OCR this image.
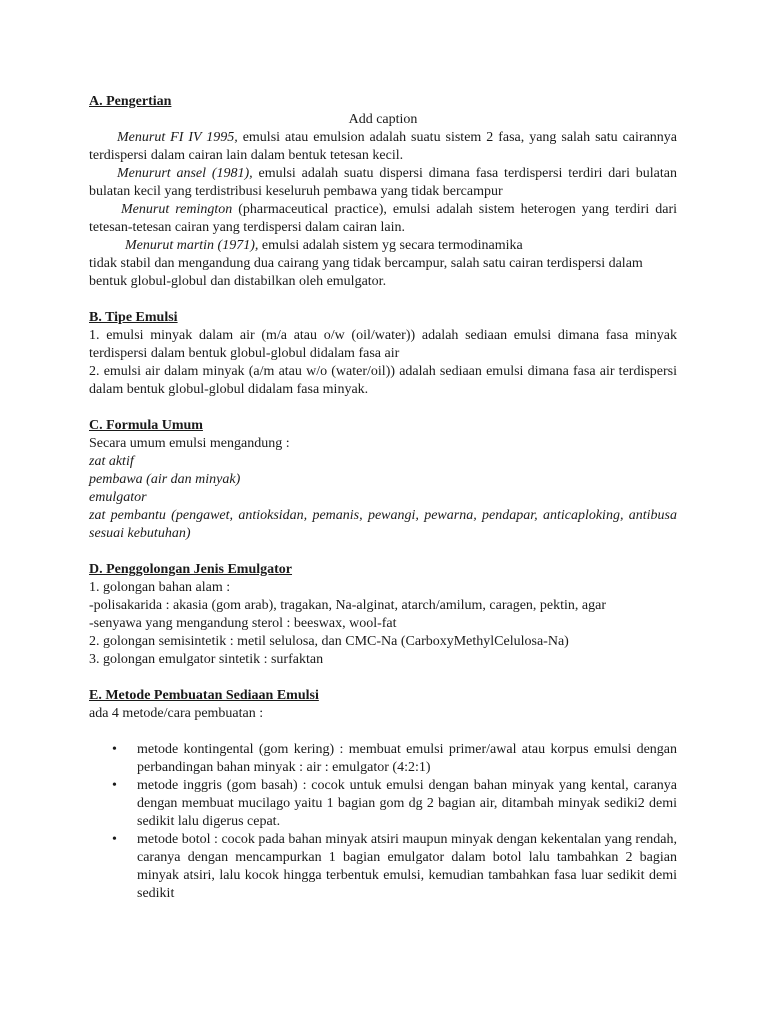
A. Pengertian

Add caption

Menurut FI IV 1995, emulsi atau emulsion adalah suatu sistem 2 fasa, yang salah satu cairannya terdispersi dalam cairan lain dalam bentuk tetesan kecil.

Menururt ansel (1981), emulsi adalah suatu dispersi dimana fasa terdispersi terdiri dari bulatan bulatan kecil yang terdistribusi keseluruh pembawa yang tidak bercampur

Menurut remington (pharmaceutical practice), emulsi adalah sistem heterogen yang terdiri dari tetesan-tetesan cairan yang terdispersi dalam cairan lain.

Menurut martin (1971), emulsi adalah sistem yg secara termodinamika

tidak stabil dan mengandung dua cairang yang tidak bercampur, salah satu cairan terdispersi dalam bentuk globul-globul dan distabilkan oleh emulgator.

B. Tipe Emulsi

1. emulsi minyak dalam air (m/a atau o/w (oil/water)) adalah sediaan emulsi dimana fasa minyak terdispersi dalam bentuk globul-globul didalam fasa air

2. emulsi air dalam minyak (a/m atau w/o (water/oil)) adalah sediaan emulsi dimana fasa air terdispersi dalam bentuk globul-globul didalam fasa minyak.

C. Formula Umum

Secara umum emulsi mengandung :

zat aktif

pembawa (air dan minyak)

emulgator

zat pembantu (pengawet, antioksidan, pemanis, pewangi, pewarna, pendapar, anticaploking, antibusa sesuai kebutuhan)

D. Penggolongan Jenis Emulgator

1. golongan bahan alam :

-polisakarida : akasia (gom arab), tragakan, Na-alginat, atarch/amilum, caragen, pektin, agar

-senyawa yang mengandung sterol : beeswax, wool-fat

2. golongan semisintetik : metil selulosa, dan CMC-Na (CarboxyMethylCelulosa-Na)

3. golongan emulgator sintetik : surfaktan

E. Metode Pembuatan Sediaan Emulsi

ada 4 metode/cara pembuatan :

• metode kontingental (gom kering) : membuat emulsi primer/awal atau korpus emulsi dengan perbandingan bahan minyak : air : emulgator (4:2:1)
• metode inggris (gom basah) : cocok untuk emulsi dengan bahan minyak yang kental, caranya dengan membuat mucilago yaitu 1 bagian gom dg 2 bagian air, ditambah minyak sediki2 demi sedikit lalu digerus cepat.
• metode botol : cocok pada bahan minyak atsiri maupun minyak dengan kekentalan yang rendah, caranya dengan mencampurkan 1 bagian emulgator dalam botol lalu tambahkan 2 bagian minyak atsiri, lalu kocok hingga terbentuk emulsi, kemudian tambahkan fasa luar sedikit demi sedikit
